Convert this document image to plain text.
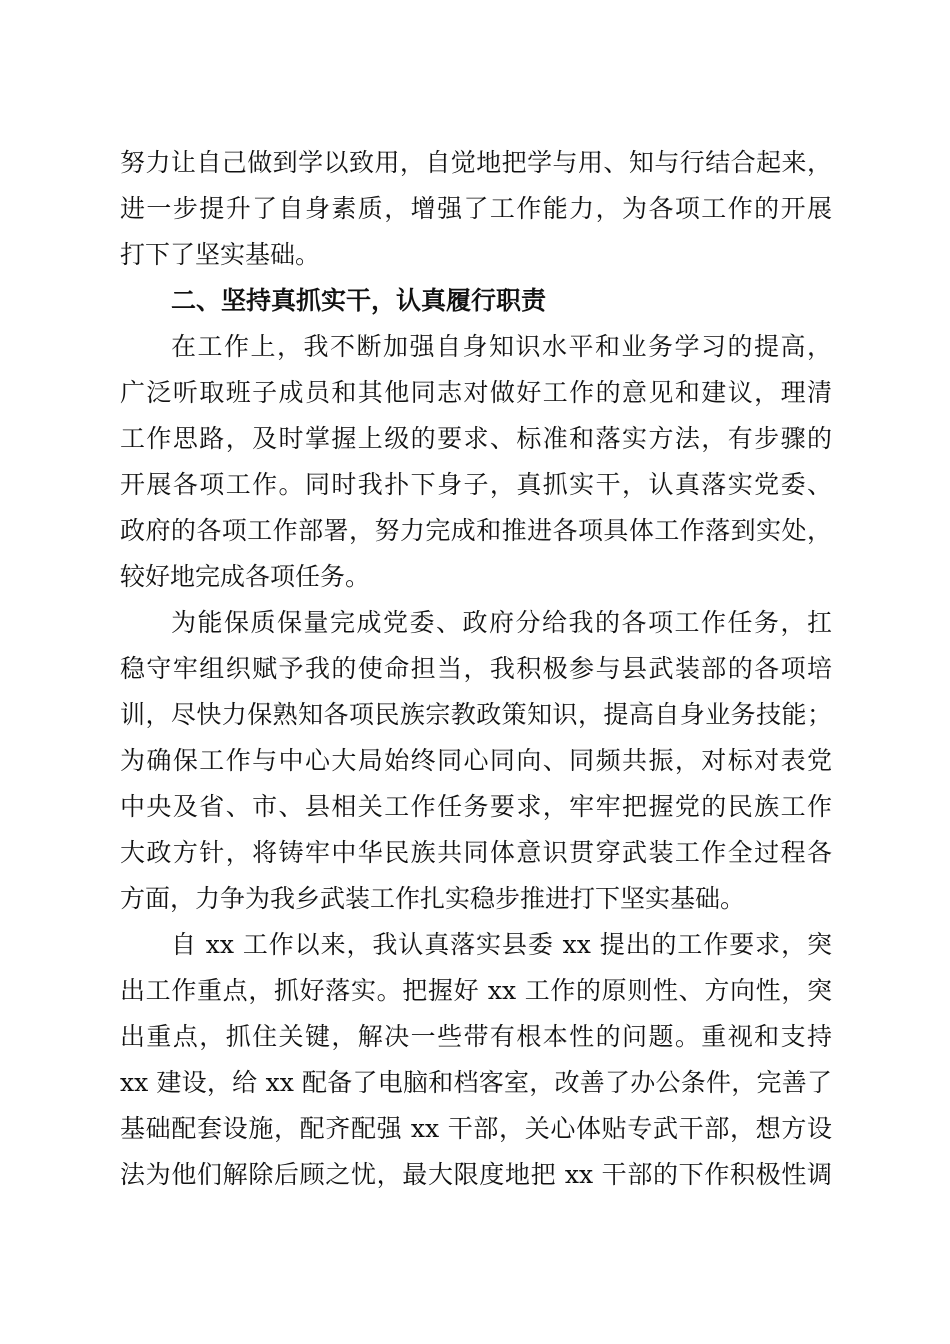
努力让自己做到学以致用，自觉地把学与用、知与行结合起来，
进一步提升了自身素质，增强了工作能力，为各项工作的开展
打下了坚实基础。
二、坚持真抓实干，认真履行职责
在工作上，我不断加强自身知识水平和业务学习的提高，
广泛听取班子成员和其他同志对做好工作的意见和建议，理清
工作思路，及时掌握上级的要求、标准和落实方法，有步骤的
开展各项工作。同时我扑下身子，真抓实干，认真落实党委、
政府的各项工作部署，努力完成和推进各项具体工作落到实处，
较好地完成各项任务。
为能保质保量完成党委、政府分给我的各项工作任务，扛
稳守牢组织赋予我的使命担当，我积极参与县武装部的各项培
训，尽快力保熟知各项民族宗教政策知识，提高自身业务技能；
为确保工作与中心大局始终同心同向、同频共振，对标对表党
中央及省、市、县相关工作任务要求，牢牢把握党的民族工作
大政方针，将铸牢中华民族共同体意识贯穿武装工作全过程各
方面，力争为我乡武装工作扎实稳步推进打下坚实基础。
自 xx 工作以来，我认真落实县委 xx 提出的工作要求，突
出工作重点，抓好落实。把握好 xx 工作的原则性、方向性，突
出重点，抓住关键，解决一些带有根本性的问题。重视和支持
xx 建设，给 xx 配备了电脑和档客室，改善了办公条件，完善了
基础配套设施，配齐配强 xx 干部，关心体贴专武干部，想方设
法为他们解除后顾之忧，最大限度地把 xx 干部的下作积极性调
